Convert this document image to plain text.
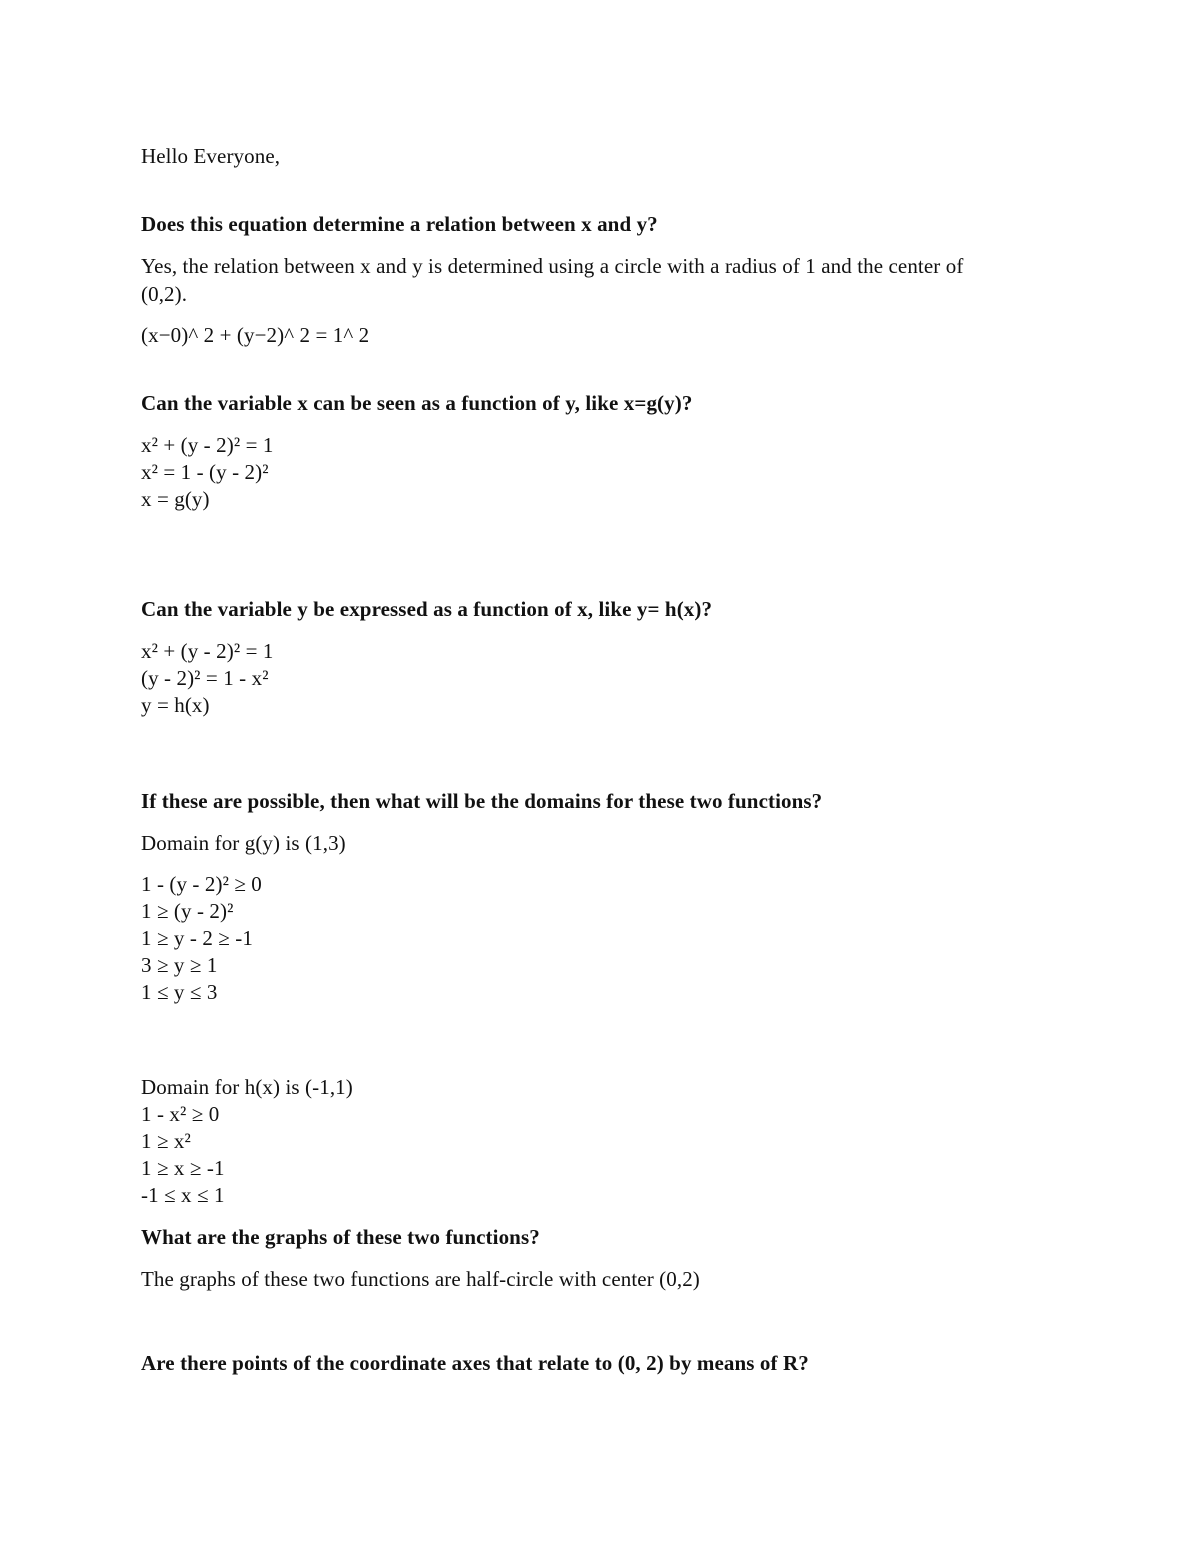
Hello Everyone,
Does this equation determine a relation between x and y?
Yes, the relation between x and y is determined using a circle with a radius of 1 and the center of
(0,2).
(x−0)^ 2 + (y−2)^ 2 = 1^ 2
Can the variable x can be seen as a function of y, like x=g(y)?
x² + (y - 2)² = 1
x² = 1 - (y - 2)²
x = g(y)
Can the variable y be expressed as a function of x, like y= h(x)?
x² + (y - 2)² = 1
(y - 2)² = 1 - x²
y = h(x)
If these are possible, then what will be the domains for these two functions?
Domain for g(y) is (1,3)
1 - (y - 2)² ≥ 0
1 ≥ (y - 2)²
1 ≥ y - 2 ≥ -1
3 ≥ y ≥ 1
1 ≤ y ≤ 3
Domain for h(x) is (-1,1)
1 - x² ≥ 0
1 ≥ x²
1 ≥ x ≥ -1
-1 ≤ x ≤ 1
What are the graphs of these two functions?
The graphs of these two functions are half-circle with center (0,2)
Are there points of the coordinate axes that relate to (0, 2) by means of R?
